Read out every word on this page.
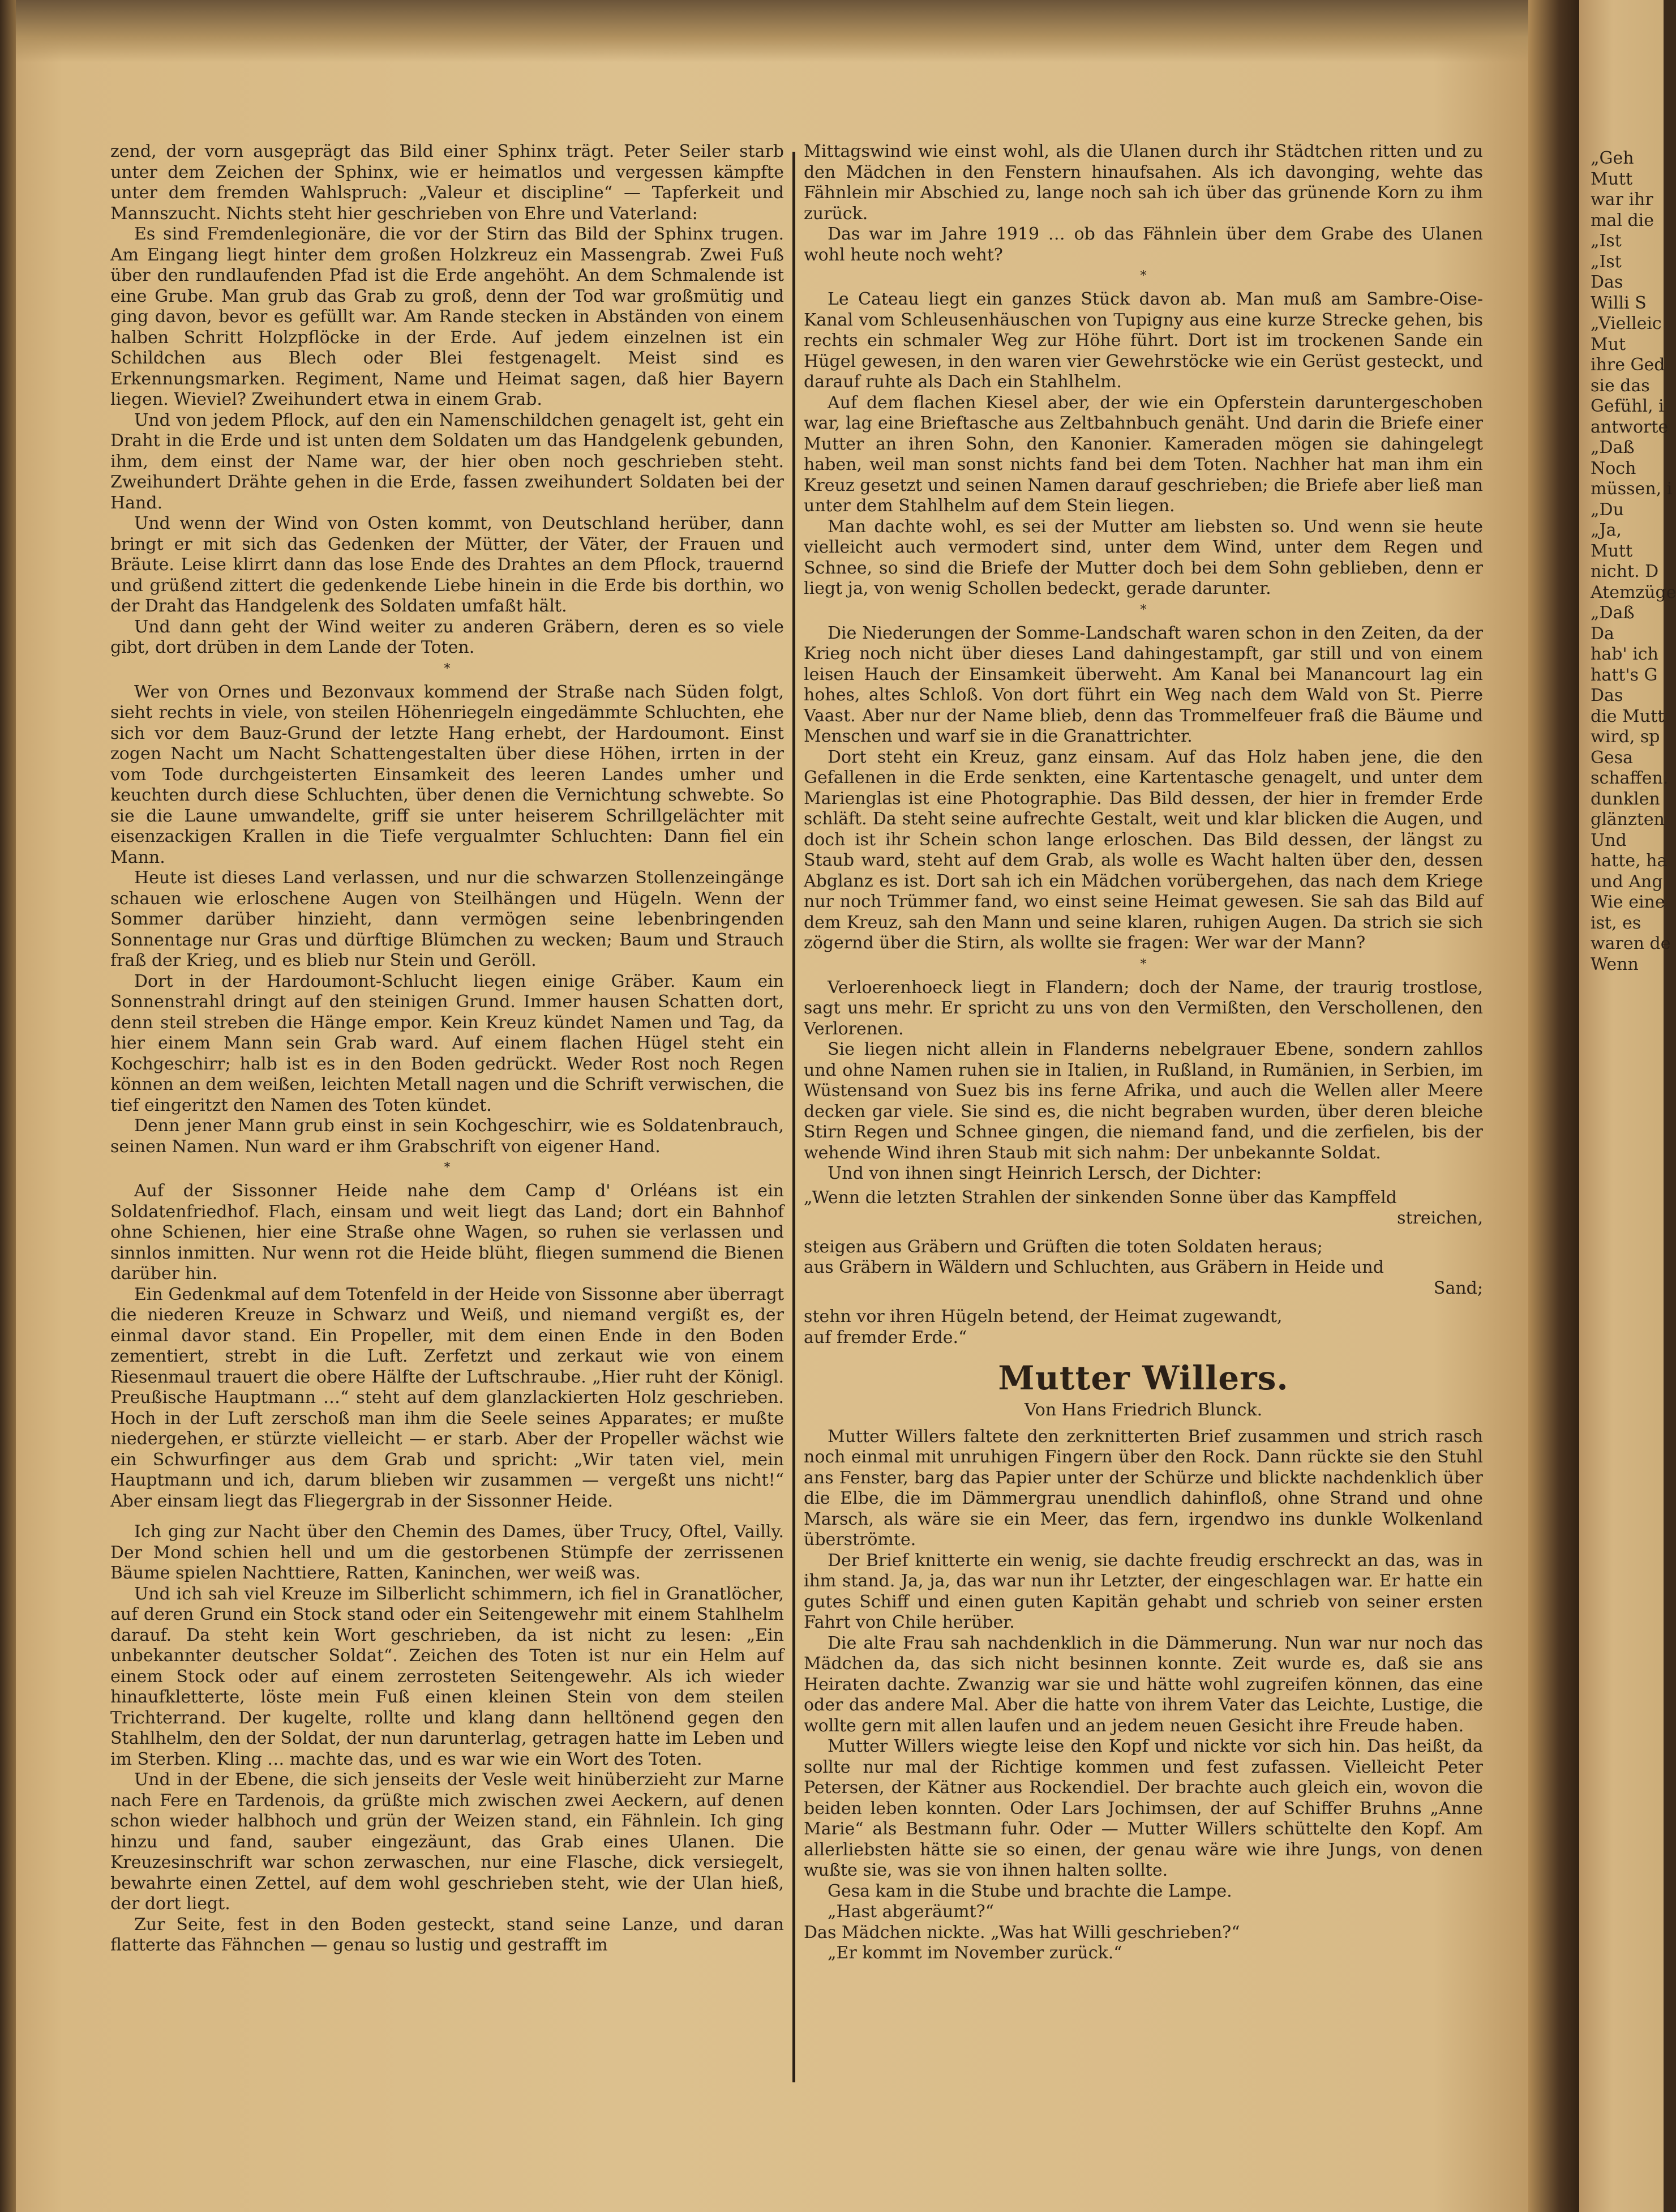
zend, der vorn ausgeprägt das Bild einer Sphinx trägt. Peter Seiler starb unter dem Zeichen der Sphinx, wie er heimatlos und vergessen kämpfte unter dem fremden Wahlspruch: „Valeur et discipline“ — Tapferkeit und Mannszucht. Nichts steht hier geschrieben von Ehre und Vaterland:

Es sind Fremdenlegionäre, die vor der Stirn das Bild der Sphinx trugen. Am Eingang liegt hinter dem großen Holzkreuz ein Massengrab. Zwei Fuß über den rundlaufenden Pfad ist die Erde angehöht. An dem Schmalende ist eine Grube. Man grub das Grab zu groß, denn der Tod war großmütig und ging davon, bevor es gefüllt war. Am Rande stecken in Abständen von einem halben Schritt Holzpflöcke in der Erde. Auf jedem einzelnen ist ein Schildchen aus Blech oder Blei festgenagelt. Meist sind es Erkennungsmarken. Regiment, Name und Heimat sagen, daß hier Bayern liegen. Wieviel? Zweihundert etwa in einem Grab.

Und von jedem Pflock, auf den ein Namenschildchen genagelt ist, geht ein Draht in die Erde und ist unten dem Soldaten um das Handgelenk gebunden, ihm, dem einst der Name war, der hier oben noch geschrieben steht. Zweihundert Drähte gehen in die Erde, fassen zweihundert Soldaten bei der Hand.

Und wenn der Wind von Osten kommt, von Deutschland herüber, dann bringt er mit sich das Gedenken der Mütter, der Väter, der Frauen und Bräute. Leise klirrt dann das lose Ende des Drahtes an dem Pflock, trauernd und grüßend zittert die gedenkende Liebe hinein in die Erde bis dorthin, wo der Draht das Handgelenk des Soldaten umfaßt hält.

Und dann geht der Wind weiter zu anderen Gräbern, deren es so viele gibt, dort drüben in dem Lande der Toten.

*

Wer von Ornes und Bezonvaux kommend der Straße nach Süden folgt, sieht rechts in viele, von steilen Höhenriegeln eingedämmte Schluchten, ehe sich vor dem Bauz-Grund der letzte Hang erhebt, der Hardoumont. Einst zogen Nacht um Nacht Schattengestalten über diese Höhen, irrten in der vom Tode durchgeisterten Einsamkeit des leeren Landes umher und keuchten durch diese Schluchten, über denen die Vernichtung schwebte. So sie die Laune umwandelte, griff sie unter heiserem Schrillgelächter mit eisenzackigen Krallen in die Tiefe vergualmter Schluchten: Dann fiel ein Mann.

Heute ist dieses Land verlassen, und nur die schwarzen Stollenzeingänge schauen wie erloschene Augen von Steilhängen und Hügeln. Wenn der Sommer darüber hinzieht, dann vermögen seine lebenbringenden Sonnentage nur Gras und dürftige Blümchen zu wecken; Baum und Strauch fraß der Krieg, und es blieb nur Stein und Geröll.

Dort in der Hardoumont-Schlucht liegen einige Gräber. Kaum ein Sonnenstrahl dringt auf den steinigen Grund. Immer hausen Schatten dort, denn steil streben die Hänge empor. Kein Kreuz kündet Namen und Tag, da hier einem Mann sein Grab ward. Auf einem flachen Hügel steht ein Kochgeschirr; halb ist es in den Boden gedrückt. Weder Rost noch Regen können an dem weißen, leichten Metall nagen und die Schrift verwischen, die tief eingeritzt den Namen des Toten kündet.

Denn jener Mann grub einst in sein Kochgeschirr, wie es Soldatenbrauch, seinen Namen. Nun ward er ihm Grabschrift von eigener Hand.

*

Auf der Sissonner Heide nahe dem Camp d' Orléans ist ein Soldatenfriedhof. Flach, einsam und weit liegt das Land; dort ein Bahnhof ohne Schienen, hier eine Straße ohne Wagen, so ruhen sie verlassen und sinnlos inmitten. Nur wenn rot die Heide blüht, fliegen summend die Bienen darüber hin.

Ein Gedenkmal auf dem Totenfeld in der Heide von Sissonne aber überragt die niederen Kreuze in Schwarz und Weiß, und niemand vergißt es, der einmal davor stand. Ein Propeller, mit dem einen Ende in den Boden zementiert, strebt in die Luft. Zerfetzt und zerkaut wie von einem Riesenmaul trauert die obere Hälfte der Luftschraube. „Hier ruht der Königl. Preußische Hauptmann …“ steht auf dem glanzlackierten Holz geschrieben. Hoch in der Luft zerschoß man ihm die Seele seines Apparates; er mußte niedergehen, er stürzte vielleicht — er starb. Aber der Propeller wächst wie ein Schwurfinger aus dem Grab und spricht: „Wir taten viel, mein Hauptmann und ich, darum blieben wir zusammen — vergeßt uns nicht!“ Aber einsam liegt das Fliegergrab in der Sissonner Heide.

Ich ging zur Nacht über den Chemin des Dames, über Trucy, Oftel, Vailly. Der Mond schien hell und um die gestorbenen Stümpfe der zerrissenen Bäume spielen Nachttiere, Ratten, Kaninchen, wer weiß was.

Und ich sah viel Kreuze im Silberlicht schimmern, ich fiel in Granatlöcher, auf deren Grund ein Stock stand oder ein Seitengewehr mit einem Stahlhelm darauf. Da steht kein Wort geschrieben, da ist nicht zu lesen: „Ein unbekannter deutscher Soldat“. Zeichen des Toten ist nur ein Helm auf einem Stock oder auf einem zerrosteten Seitengewehr. Als ich wieder hinaufkletterte, löste mein Fuß einen kleinen Stein von dem steilen Trichterrand. Der kugelte, rollte und klang dann helltönend gegen den Stahlhelm, den der Soldat, der nun darunterlag, getragen hatte im Leben und im Sterben. Kling … machte das, und es war wie ein Wort des Toten.

Und in der Ebene, die sich jenseits der Vesle weit hinüberzieht zur Marne nach Fere en Tardenois, da grüßte mich zwischen zwei Aeckern, auf denen schon wieder halbhoch und grün der Weizen stand, ein Fähnlein. Ich ging hinzu und fand, sauber eingezäunt, das Grab eines Ulanen. Die Kreuzesinschrift war schon zerwaschen, nur eine Flasche, dick versiegelt, bewahrte einen Zettel, auf dem wohl geschrieben steht, wie der Ulan hieß, der dort liegt.

Zur Seite, fest in den Boden gesteckt, stand seine Lanze, und daran flatterte das Fähnchen — genau so lustig und gestrafft im

Mittagswind wie einst wohl, als die Ulanen durch ihr Städtchen ritten und zu den Mädchen in den Fenstern hinaufsahen. Als ich davonging, wehte das Fähnlein mir Abschied zu, lange noch sah ich über das grünende Korn zu ihm zurück.

Das war im Jahre 1919 … ob das Fähnlein über dem Grabe des Ulanen wohl heute noch weht?

*

Le Cateau liegt ein ganzes Stück davon ab. Man muß am Sambre-Oise-Kanal vom Schleusenhäuschen von Tupigny aus eine kurze Strecke gehen, bis rechts ein schmaler Weg zur Höhe führt. Dort ist im trockenen Sande ein Hügel gewesen, in den waren vier Gewehrstöcke wie ein Gerüst gesteckt, und darauf ruhte als Dach ein Stahlhelm.

Auf dem flachen Kiesel aber, der wie ein Opferstein daruntergeschoben war, lag eine Brieftasche aus Zeltbahnbuch genäht. Und darin die Briefe einer Mutter an ihren Sohn, den Kanonier. Kameraden mögen sie dahingelegt haben, weil man sonst nichts fand bei dem Toten. Nachher hat man ihm ein Kreuz gesetzt und seinen Namen darauf geschrieben; die Briefe aber ließ man unter dem Stahlhelm auf dem Stein liegen.

Man dachte wohl, es sei der Mutter am liebsten so. Und wenn sie heute vielleicht auch vermodert sind, unter dem Wind, unter dem Regen und Schnee, so sind die Briefe der Mutter doch bei dem Sohn geblieben, denn er liegt ja, von wenig Schollen bedeckt, gerade darunter.

*

Die Niederungen der Somme-Landschaft waren schon in den Zeiten, da der Krieg noch nicht über dieses Land dahingestampft, gar still und von einem leisen Hauch der Einsamkeit überweht. Am Kanal bei Manancourt lag ein hohes, altes Schloß. Von dort führt ein Weg nach dem Wald von St. Pierre Vaast. Aber nur der Name blieb, denn das Trommelfeuer fraß die Bäume und Menschen und warf sie in die Granattrichter.

Dort steht ein Kreuz, ganz einsam. Auf das Holz haben jene, die den Gefallenen in die Erde senkten, eine Kartentasche genagelt, und unter dem Marienglas ist eine Photographie. Das Bild dessen, der hier in fremder Erde schläft. Da steht seine aufrechte Gestalt, weit und klar blicken die Augen, und doch ist ihr Schein schon lange erloschen. Das Bild dessen, der längst zu Staub ward, steht auf dem Grab, als wolle es Wacht halten über den, dessen Abglanz es ist. Dort sah ich ein Mädchen vorübergehen, das nach dem Kriege nur noch Trümmer fand, wo einst seine Heimat gewesen. Sie sah das Bild auf dem Kreuz, sah den Mann und seine klaren, ruhigen Augen. Da strich sie sich zögernd über die Stirn, als wollte sie fragen: Wer war der Mann?

*

Verloerenhoeck liegt in Flandern; doch der Name, der traurig trostlose, sagt uns mehr. Er spricht zu uns von den Vermißten, den Verschollenen, den Verlorenen.

Sie liegen nicht allein in Flanderns nebelgrauer Ebene, sondern zahllos und ohne Namen ruhen sie in Italien, in Rußland, in Rumänien, in Serbien, im Wüstensand von Suez bis ins ferne Afrika, und auch die Wellen aller Meere decken gar viele. Sie sind es, die nicht begraben wurden, über deren bleiche Stirn Regen und Schnee gingen, die niemand fand, und die zerfielen, bis der wehende Wind ihren Staub mit sich nahm: Der unbekannte Soldat.

Und von ihnen singt Heinrich Lersch, der Dichter:

„Wenn die letzten Strahlen der sinkenden Sonne über das Kampffeld
streichen,
steigen aus Gräbern und Grüften die toten Soldaten heraus;
aus Gräbern in Wäldern und Schluchten, aus Gräbern in Heide und
Sand;
stehn vor ihren Hügeln betend, der Heimat zugewandt,
auf fremder Erde.“
Mutter Willers.
Von Hans Friedrich Blunck.

Mutter Willers faltete den zerknitterten Brief zusammen und strich rasch noch einmal mit unruhigen Fingern über den Rock. Dann rückte sie den Stuhl ans Fenster, barg das Papier unter der Schürze und blickte nachdenklich über die Elbe, die im Dämmergrau unendlich dahinfloß, ohne Strand und ohne Marsch, als wäre sie ein Meer, das fern, irgendwo ins dunkle Wolkenland überströmte.

Der Brief knitterte ein wenig, sie dachte freudig erschreckt an das, was in ihm stand. Ja, ja, das war nun ihr Letzter, der eingeschlagen war. Er hatte ein gutes Schiff und einen guten Kapitän gehabt und schrieb von seiner ersten Fahrt von Chile herüber.

Die alte Frau sah nachdenklich in die Dämmerung. Nun war nur noch das Mädchen da, das sich nicht besinnen konnte. Zeit wurde es, daß sie ans Heiraten dachte. Zwanzig war sie und hätte wohl zugreifen können, das eine oder das andere Mal. Aber die hatte von ihrem Vater das Leichte, Lustige, die wollte gern mit allen laufen und an jedem neuen Gesicht ihre Freude haben.

Mutter Willers wiegte leise den Kopf und nickte vor sich hin. Das heißt, da sollte nur mal der Richtige kommen und fest zufassen. Vielleicht Peter Petersen, der Kätner aus Rockendiel. Der brachte auch gleich ein, wovon die beiden leben konnten. Oder Lars Jochimsen, der auf Schiffer Bruhns „Anne Marie“ als Bestmann fuhr. Oder — Mutter Willers schüttelte den Kopf. Am allerliebsten hätte sie so einen, der genau wäre wie ihre Jungs, von denen wußte sie, was sie von ihnen halten sollte.

Gesa kam in die Stube und brachte die Lampe.

„Hast abgeräumt?“

Das Mädchen nickte. „Was hat Willi geschrieben?“

„Er kommt im November zurück.“

„Geh
Mutt
war ihr
mal die
„Ist
„Ist
Das
Willi S
„Vielleic
Mut
ihre Ged
sie das
Gefühl, i
antworte
„Daß
Noch
müssen, i
„Du
„Ja,
Mutt
nicht. D
Atemzüge
„Daß
Da
hab' ich
hatt's G
Das
die Mutt
wird, sp
Gesa
schaffen.
dunklen
glänzten
Und
hatte, ha
und Ang
Wie eine
ist, es
waren de
Wenn
